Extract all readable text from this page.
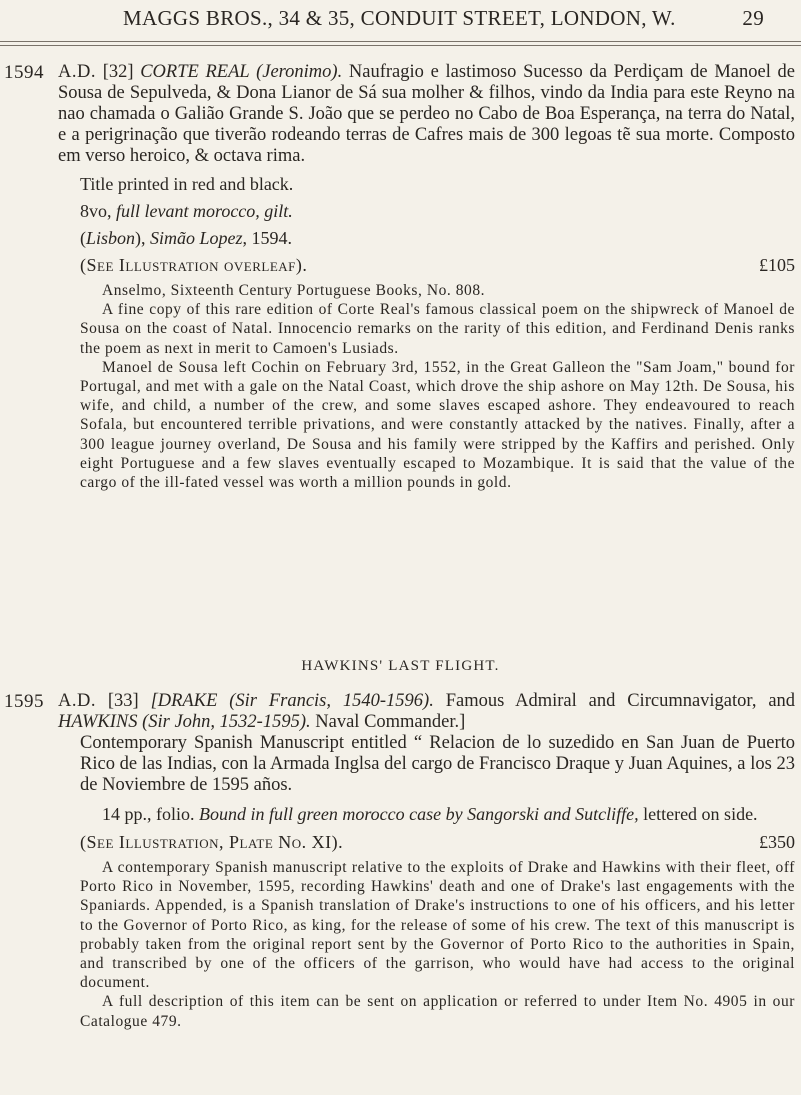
MAGGS BROS., 34 & 35, CONDUIT STREET, LONDON, W.	29
1594 A.D. [32] CORTE REAL (Jeronimo). Naufragio e lastimoso Sucesso da Perdiçam de Manoel de Sousa de Sepulveda, & Dona Lianor de Sá sua molher & filhos, vindo da India para este Reyno na nao chamada o Galião Grande S. João que se perdeo no Cabo de Boa Esperança, na terra do Natal, e a perigrinação que tiverão rodeando terras de Cafres mais de 300 legoas tẽ sua morte. Composto em verso heroico, & octava rima.

Title printed in red and black.

8vo, full levant morocco, gilt.

(Lisbon), Simão Lopez, 1594.

(See Illustration overleaf).	£105

Anselmo, Sixteenth Century Portuguese Books, No. 808.

A fine copy of this rare edition of Corte Real's famous classical poem on the shipwreck of Manoel de Sousa on the coast of Natal. Innocencio remarks on the rarity of this edition, and Ferdinand Denis ranks the poem as next in merit to Camoen's Lusiads.

Manoel de Sousa left Cochin on February 3rd, 1552, in the Great Galleon the "Sam Joam," bound for Portugal, and met with a gale on the Natal Coast, which drove the ship ashore on May 12th. De Sousa, his wife, and child, a number of the crew, and some slaves escaped ashore. They endeavoured to reach Sofala, but encountered terrible privations, and were constantly attacked by the natives. Finally, after a 300 league journey overland, De Sousa and his family were stripped by the Kaffirs and perished. Only eight Portuguese and a few slaves eventually escaped to Mozambique. It is said that the value of the cargo of the ill-fated vessel was worth a million pounds in gold.

HAWKINS' LAST FLIGHT.
1595 A.D. [33] [DRAKE (Sir Francis, 1540-1596). Famous Admiral and Circumnavigator, and HAWKINS (Sir John, 1532-1595). Naval Commander.]

Contemporary Spanish Manuscript entitled “ Relacion de lo suzedido en San Juan de Puerto Rico de las Indias, con la Armada Inglsa del cargo de Francisco Draque y Juan Aquines, a los 23 de Noviembre de 1595 años.

14 pp., folio. Bound in full green morocco case by Sangorski and Sutcliffe, lettered on side.

(See Illustration, Plate No. XI).	£350

A contemporary Spanish manuscript relative to the exploits of Drake and Hawkins with their fleet, off Porto Rico in November, 1595, recording Hawkins' death and one of Drake's last engagements with the Spaniards. Appended, is a Spanish translation of Drake's instructions to one of his officers, and his letter to the Governor of Porto Rico, as king, for the release of some of his crew. The text of this manuscript is probably taken from the original report sent by the Governor of Porto Rico to the authorities in Spain, and transcribed by one of the officers of the garrison, who would have had access to the original document.

A full description of this item can be sent on application or referred to under Item No. 4905 in our Catalogue 479.
